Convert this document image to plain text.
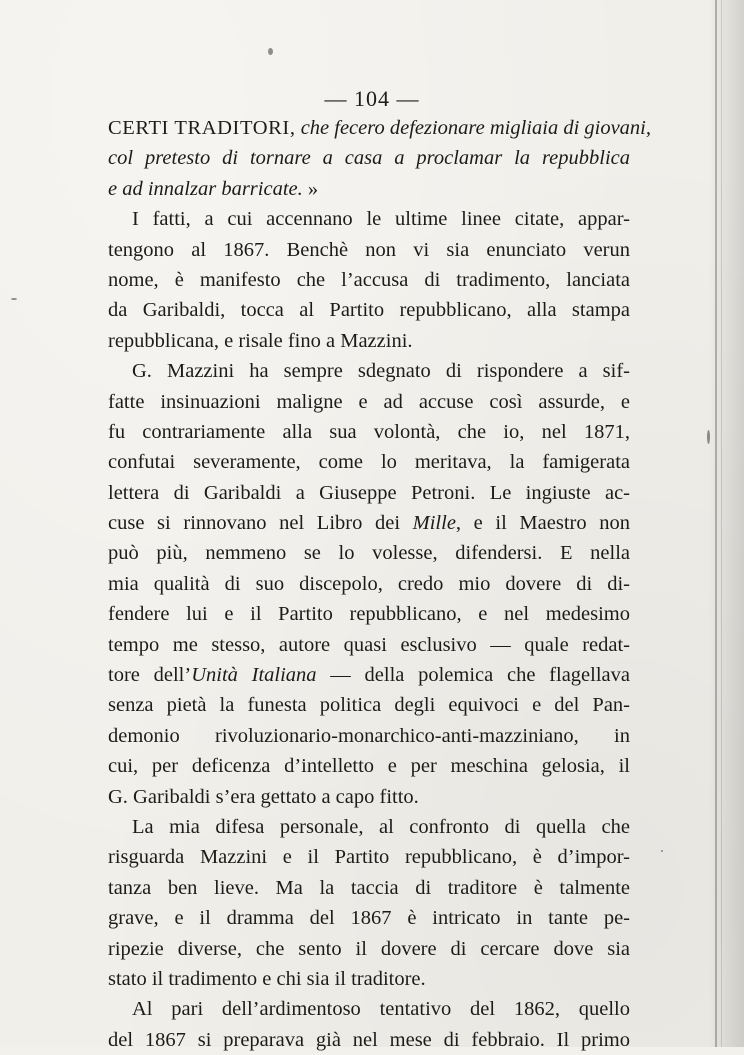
— 104 —
CERTI TRADITORI, che fecero defezionare migliaia di giovani,
col pretesto di tornare a casa a proclamar la repubblica
e ad innalzar barricate. »
I fatti, a cui accennano le ultime linee citate, appar-
tengono al 1867. Benchè non vi sia enunciato verun
nome, è manifesto che l’accusa di tradimento, lanciata
da Garibaldi, tocca al Partito repubblicano, alla stampa
repubblicana, e risale fino a Mazzini.
G. Mazzini ha sempre sdegnato di rispondere a sif-
fatte insinuazioni maligne e ad accuse così assurde, e
fu contrariamente alla sua volontà, che io, nel 1871,
confutai severamente, come lo meritava, la famigerata
lettera di Garibaldi a Giuseppe Petroni. Le ingiuste ac-
cuse si rinnovano nel Libro dei Mille, e il Maestro non
può più, nemmeno se lo volesse, difendersi. E nella
mia qualità di suo discepolo, credo mio dovere di di-
fendere lui e il Partito repubblicano, e nel medesimo
tempo me stesso, autore quasi esclusivo — quale redat-
tore dell’Unità Italiana — della polemica che flagellava
senza pietà la funesta politica degli equivoci e del Pan-
demonio rivoluzionario-monarchico-anti-mazziniano, in
cui, per deficenza d’intelletto e per meschina gelosia, il
G. Garibaldi s’era gettato a capo fitto.
La mia difesa personale, al confronto di quella che
risguarda Mazzini e il Partito repubblicano, è d’impor-
tanza ben lieve. Ma la taccia di traditore è talmente
grave, e il dramma del 1867 è intricato in tante pe-
ripezie diverse, che sento il dovere di cercare dove sia
stato il tradimento e chi sia il traditore.
Al pari dell’ardimentoso tentativo del 1862, quello
del 1867 si preparava già nel mese di febbraio. Il primo
